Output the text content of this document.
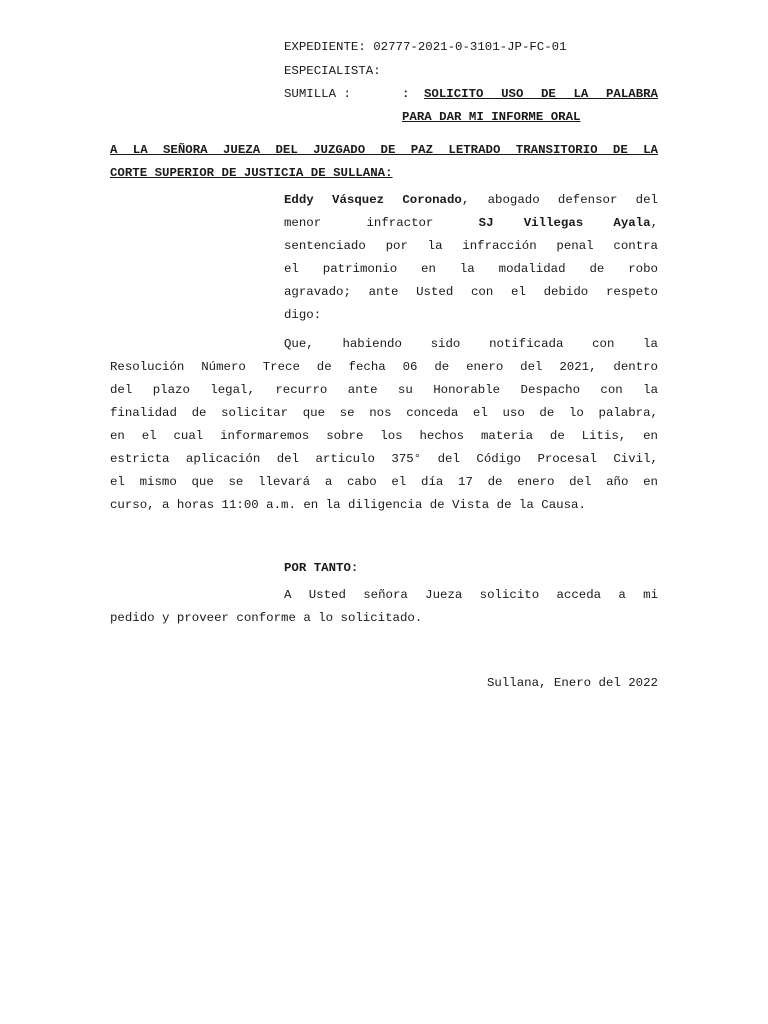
EXPEDIENTE: 02777-2021-0-3101-JP-FC-01
ESPECIALISTA:
SUMILLA :	: SOLICITO USO DE LA PALABRA
PARA DAR MI INFORME ORAL
A LA SEÑORA JUEZA DEL JUZGADO DE PAZ LETRADO TRANSITORIO DE LA
CORTE SUPERIOR DE JUSTICIA DE SULLANA:
Eddy Vásquez Coronado, abogado defensor del
menor      infractor      SJ    Villegas    Ayala,
sentenciado por la infracción penal contra
el patrimonio en la modalidad de robo
agravado; ante Usted con el debido respeto
digo:
Que, habiendo sido notificada con la
Resolución Número Trece de fecha 06 de enero del 2021, dentro
del plazo legal, recurro ante su Honorable Despacho con la
finalidad de solicitar que se nos conceda el uso de lo palabra,
en el cual informaremos sobre los hechos materia de Litis, en
estricta aplicación del articulo 375° del Código Procesal Civil,
el mismo que se llevará a cabo el día 17 de enero del año en
curso, a horas 11:00 a.m. en la diligencia de Vista de la Causa.
POR TANTO:
A Usted señora Jueza solicito acceda a mi
pedido y proveer conforme a lo solicitado.
Sullana, Enero del 2022
